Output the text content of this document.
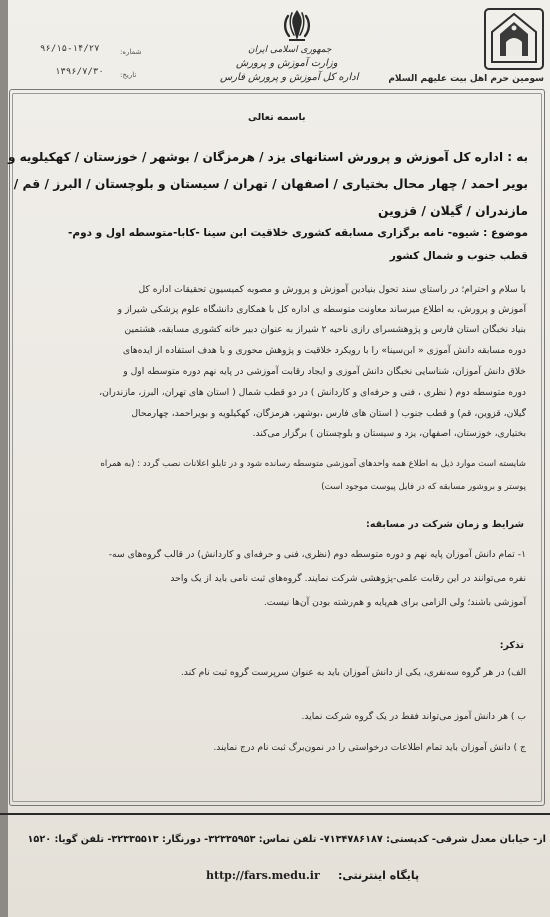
سومین حرم اهل بیت علیهم السلام
جمهوری اسلامی ایران
وزارت آموزش و پرورش
اداره کل آموزش و پرورش فارس
۹۶/۱۵-۱۴/۲۷	شماره:
۱۳۹۶/۷/۳۰ تاریخ:
باسمه تعالی
به : اداره کل آموزش و پرورش استانهای یزد / هرمزگان / بوشهر / خوزستان / کهکیلویه و
بویر احمد / چهار محال بختیاری / اصفهان / تهران / سیستان و بلوچستان / البرز / قم /
مازندران / گیلان / قزوین
موضوع : شیوه- نامه برگزاری مسابقه کشوری خلاقیت ابن سینا -کابا-متوسطه اول و دوم-
قطب جنوب و شمال کشور
با سلام و احترام؛ در راستای سند تحول بنیادین آموزش و پرورش و مصوبه کمیسیون تحقیقات اداره کل
آموزش و پرورش، به اطلاع میرساند معاونت متوسطه ی اداره کل با همکاری دانشگاه علوم پزشکی شیراز و
بنیاد نخبگان استان فارس و پژوهشسرای رازی ناحیه ۲ شیراز به عنوان دبیر خانه کشوری مسابقه، هشتمین
دوره مسابقه دانش آموزی « ابن‌سینا» را با رویکرد خلاقیت و پژوهش محوری و با هدف استفاده از ایده‌های
خلاق دانش آموزان، شناسایی نخبگان دانش آموزی و ایجاد رقابت آموزشی در پایه نهم دوره متوسطه اول و
دوره متوسطه دوم ( نظری ، فنی و حرفه‌ای و کاردانش ) در دو قطب شمال ( استان های تهران، البرز، مازندران،
گیلان، قزوین، قم) و قطب جنوب ( استان های فارس ،بوشهر، هرمزگان، کهکیلویه و بویراحمد، چهارمحال
بختیاری، خوزستان، اصفهان، یزد و سیستان و بلوچستان ) برگزار می‌کند.
شایسته است موارد ذیل به اطلاع همه واحدهای آموزشی متوسطه رسانده شود و در تابلو اعلانات نصب گردد : (به همراه
پوستر و بروشور مسابقه که در فایل پیوست موجود است)
شرایط و زمان شرکت در مسابقه:
۱- تمام دانش آموزان پایه نهم و دوره متوسطه دوم (نظری، فنی و حرفه‌ای و کاردانش) در قالب گروه‌های سه-
نفره می‌توانند در این رقابت علمی-پژوهشی شرکت نمایند. گروه‌های ثبت نامی باید از یک واحد
آموزشی باشند؛ ولی الزامی برای هم‌پایه و هم‌رشته بودن آن‌ها نیست.
تذکر:
الف) در هر گروه سه‌نفری، یکی از دانش آموزان باید به عنوان سرپرست گروه ثبت نام کند.
ب ) هر دانش آموز می‌تواند فقط در یک گروه شرکت نماید.
ج ) دانش آموزان باید تمام اطلاعات درخواستی را در نمون‌برگ ثبت نام درج نمایند.
از- خیابان معدل شرقی- کدپستی: ۷۱۳۴۷۸۶۱۸۷- تلفن تماس: ۳۲۳۳۵۹۵۳- دورنگار: ۳۲۳۳۵۵۱۳- تلفن گویا: ۱۵۲۰
پایگاه اینترنتی:
http://fars.medu.ir
